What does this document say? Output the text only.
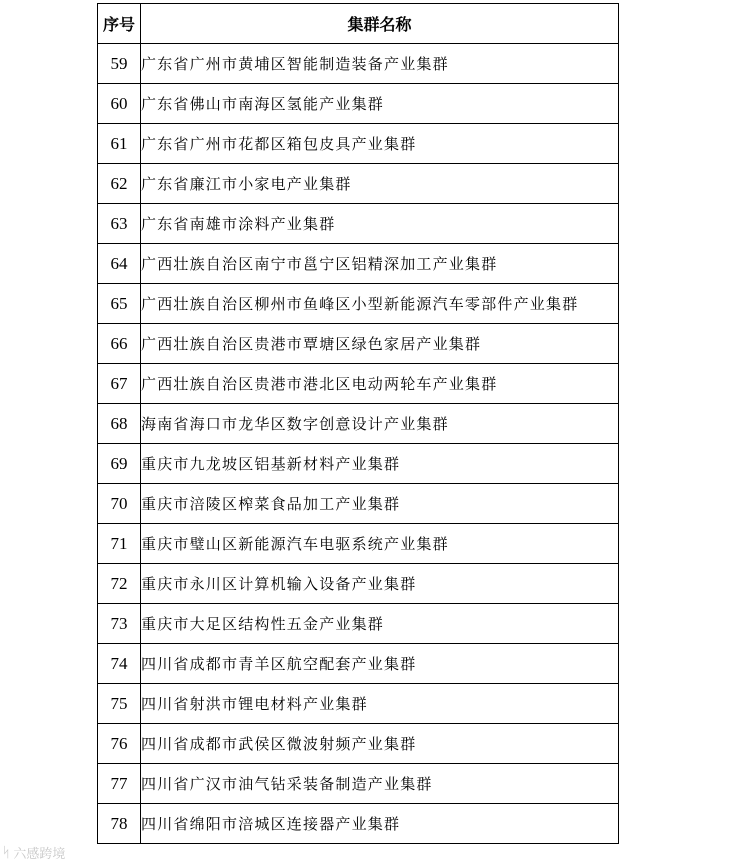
序号	集群名称
59	广东省广州市黄埔区智能制造装备产业集群
60	广东省佛山市南海区氢能产业集群
61	广东省广州市花都区箱包皮具产业集群
62	广东省廉江市小家电产业集群
63	广东省南雄市涂料产业集群
64	广西壮族自治区南宁市邕宁区铝精深加工产业集群
65	广西壮族自治区柳州市鱼峰区小型新能源汽车零部件产业集群
66	广西壮族自治区贵港市覃塘区绿色家居产业集群
67	广西壮族自治区贵港市港北区电动两轮车产业集群
68	海南省海口市龙华区数字创意设计产业集群
69	重庆市九龙坡区铝基新材料产业集群
70	重庆市涪陵区榨菜食品加工产业集群
71	重庆市璧山区新能源汽车电驱系统产业集群
72	重庆市永川区计算机输入设备产业集群
73	重庆市大足区结构性五金产业集群
74	四川省成都市青羊区航空配套产业集群
75	四川省射洪市锂电材料产业集群
76	四川省成都市武侯区微波射频产业集群
77	四川省广汉市油气钻采装备制造产业集群
78	四川省绵阳市涪城区连接器产业集群
ᛋ 六感跨境
